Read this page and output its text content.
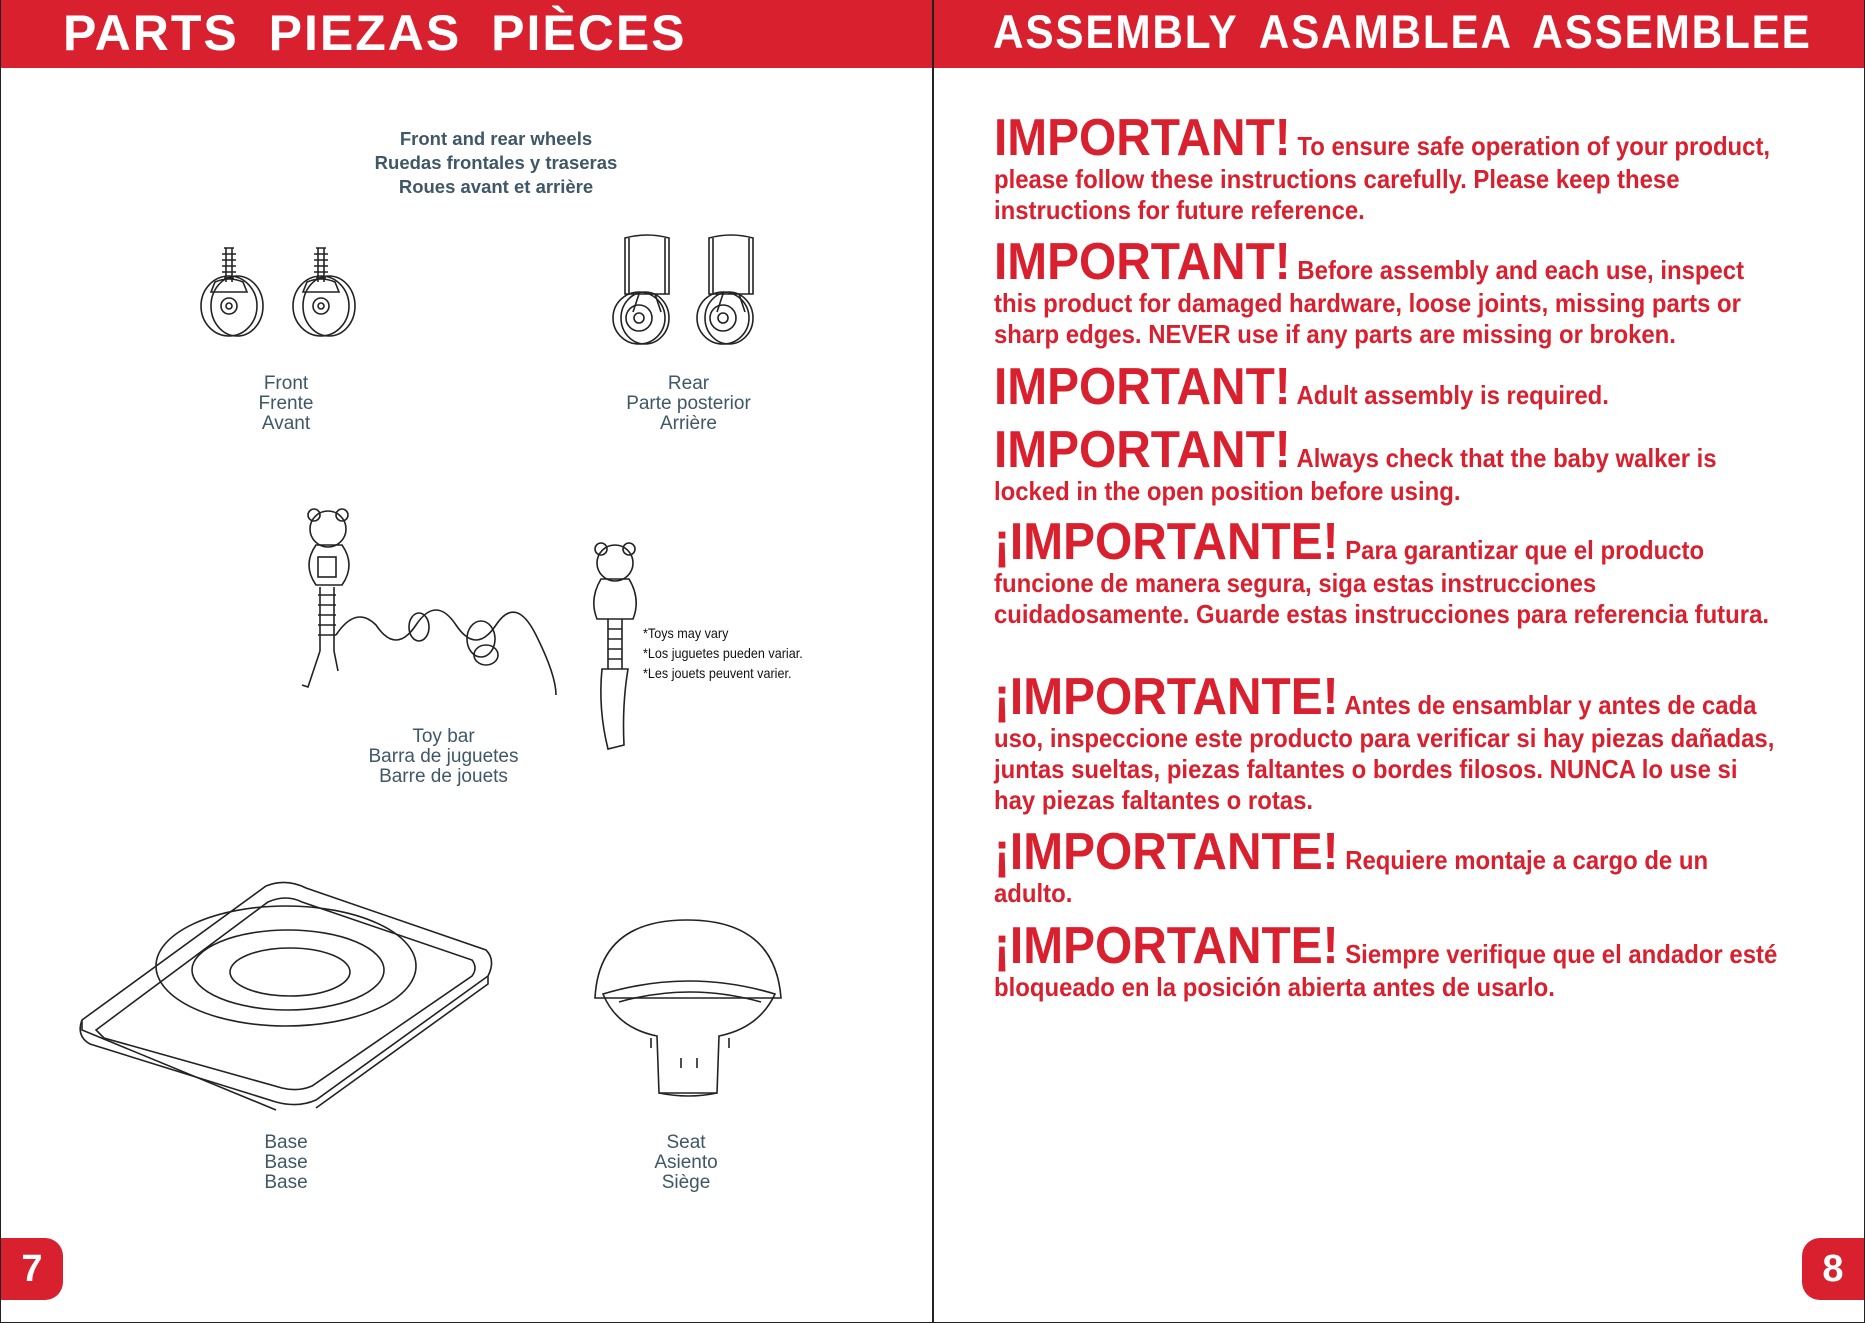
PARTS PIEZAS PIÈCES
Front and rear wheels
Ruedas frontales y traseras
Roues avant et arrière
Front
Frente
Avant
Rear
Parte posterior
Arrière
*Toys may vary
*Los juguetes pueden variar.
*Les jouets peuvent varier.
Toy bar
Barra de juguetes
Barre de jouets
Base
Base
Base
Seat
Asiento
Siège
7
ASSEMBLY ASAMBLEA ASSEMBLEE
IMPORTANT! To ensure safe operation of your product, please follow these instructions carefully. Please keep these instructions for future reference.
IMPORTANT! Before assembly and each use, inspect this product for damaged hardware, loose joints, missing parts or sharp edges. NEVER use if any parts are missing or broken.
IMPORTANT! Adult assembly is required.
IMPORTANT! Always check that the baby walker is locked in the open position before using.
¡IMPORTANTE! Para garantizar que el producto funcione de manera segura, siga estas instrucciones cuidadosamente. Guarde estas instrucciones para referencia futura.
¡IMPORTANTE! Antes de ensamblar y antes de cada uso, inspeccione este producto para verificar si hay piezas dañadas, juntas sueltas, piezas faltantes o bordes filosos. NUNCA lo use si hay piezas faltantes o rotas.
¡IMPORTANTE! Requiere montaje a cargo de un adulto.
¡IMPORTANTE! Siempre verifique que el andador esté bloqueado en la posición abierta antes de usarlo.
8
